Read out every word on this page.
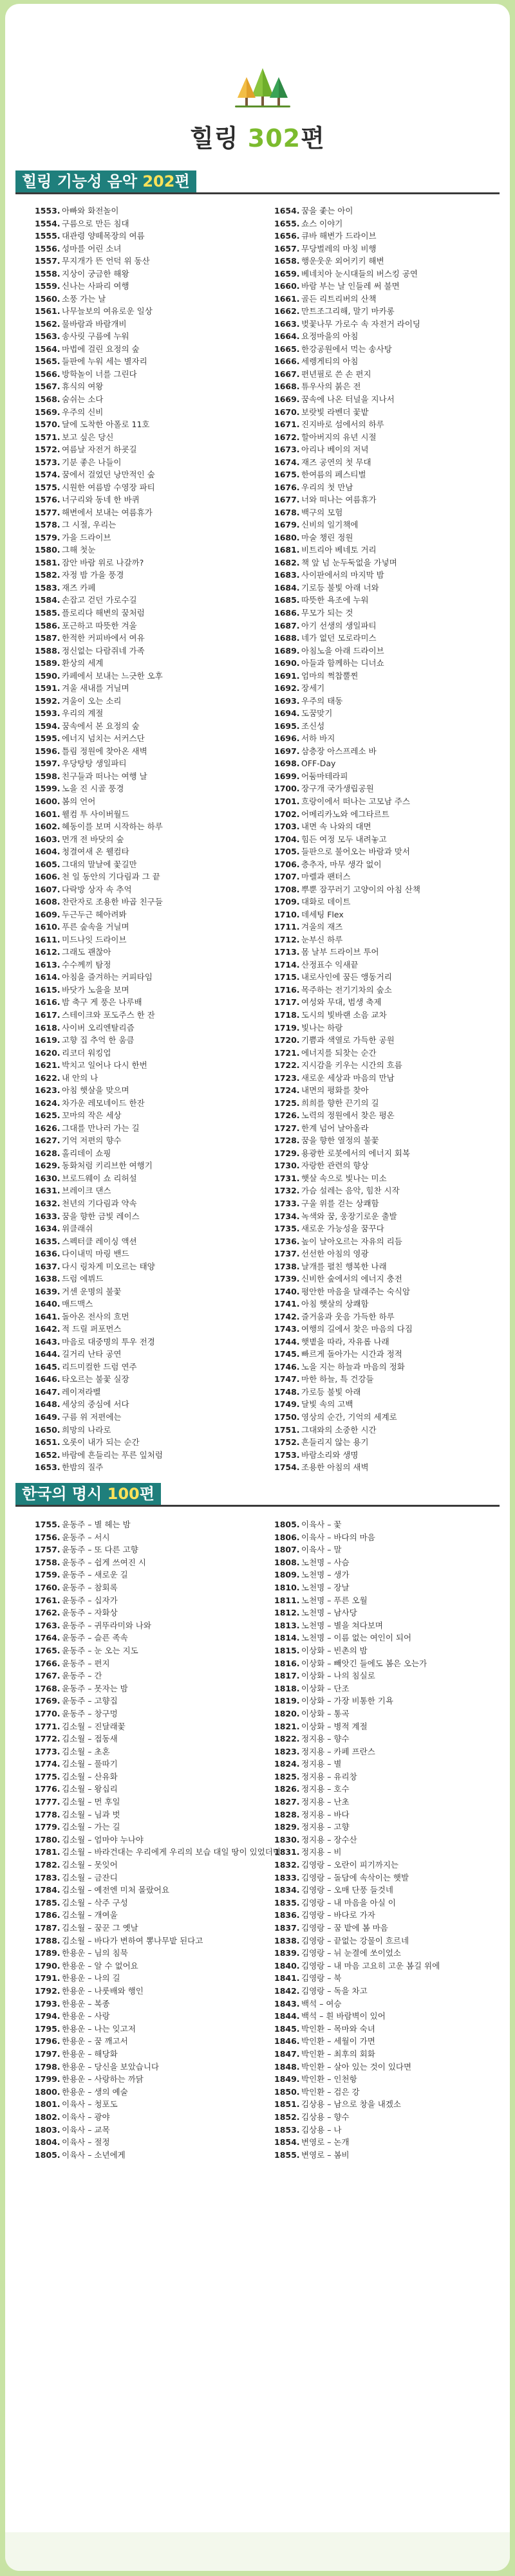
힐링 302편
힐링 기능성 음악 202편
1553. 아빠와 화전놀이
1554. 구름으로 만든 침대
1555. 대관령 양떼목장의 여름
1556. 성마를 어린 소녀
1557. 무지개가 뜬 언덕 위 동산
1558. 지상이 궁금한 해왕
1559. 신나는 사파리 여행
1560. 소풍 가는 날
1561. 나무늘보의 여유로운 일상
1562. 물바람과 바람개비
1563. 송사릿 구름에 누워
1564. 마법에 걸린 요정의 숲
1565. 들판에 누워 세는 별자리
1566. 방학놀이 너를 그린다
1567. 휴식의 여왕
1568. 숨쉬는 소다
1569. 우주의 신비
1570. 달에 도착한 아폴로 11호
1571. 보고 싶은 당신
1572. 여름날 자전거 하굣길
1573. 기분 좋은 나들이
1574. 꿈에서 걸었던 낭만적인 숲
1575. 시원한 여름밤 수영장 파티
1576. 너구리와 동네 한 바퀴
1577. 해변에서 보내는 여름휴가
1578. 그 시절, 우리는
1579. 가을 드라이브
1580. 그해 첫눈
1581. 잠안 바람 위로 나갈까?
1582. 자정 밤 가을 풍경
1583. 재즈 카페
1584. 손잡고 걷던 가로수길
1585. 플로리다 해변의 꿈처럼
1586. 포근하고 따뜻한 겨울
1587. 한적한 커피바에서 여유
1588. 정신없는 다람쥐네 가족
1589. 환상의 세계
1590. 카페에서 보내는 느긋한 오후
1591. 겨울 새내를 거닐며
1592. 겨울이 오는 소리
1593. 우리의 계절
1594. 꿈속에서 본 요정의 숲
1595. 에너지 넘치는 서커스단
1596. 틀림 정원에 찾아온 새벽
1597. 우당탕탕 생일파티
1598. 친구들과 떠나는 여행 날
1599. 노을 진 시골 풍경
1600. 봄의 언어
1601. 웰컴 투 사이버월드
1602. 혜동이를 보며 시작하는 하루
1603. 먼개 전 바닷의 숲
1604. 청결여새 온 웰컴타
1605. 그대의 말날에 꽃길만
1606. 천 일 동안의 기다림과 그 끝
1607. 다락방 상자 속 추억
1608. 찬란자로 조용한 바곱 친구들
1609. 두근두근 헤아려봐
1610. 푸른 숲속을 거닐며
1611. 미드나잇 드라이브
1612. 그래도 괜찮아
1613. 수수께끼 탐정
1614. 아침을 즐겨하는 커피타임
1615. 바닷가 노을을 보며
1616. 밤 축구 게 풍은 나루배
1617. 스테이크와 포도주스 한 잔
1618. 사이버 오리엔탈리즘
1619. 고향 집 추억 한 움큼
1620. 리코더 워킹업
1621. 박치고 일어나 다시 한번
1622. 내 안의 나
1623. 아침 햇살을 맞으며
1624. 차가운 레모네이드 한잔
1625. 꼬마의 작은 세상
1626. 그대를 만나러 가는 길
1627. 기억 저편의 향수
1628. 홀리데이 쇼핑
1629. 동화처럼 키리브한 여행기
1630. 브로드웨이 쇼 리허설
1631. 브레이크 댄스
1632. 천년의 기다림과 약속
1633. 꿈을 향한 금빛 레이스
1634. 위클래쉬
1635. 스펙터클 레이싱 액션
1636. 다이내믹 마링 밴드
1637. 다시 링차게 미오르는 태양
1638. 드럼 에뷔드
1639. 거센 운명의 불꽃
1640. 매드맥스
1641. 돌아온 전사의 흐먼
1642. 적 드릴 퍼포먼스
1643. 마음로 대중명의 투우 전경
1644. 길거리 난타 공연
1645. 리드미컬한 드럼 연주
1646. 타오르는 불꽃 실장
1647. 레이져라벨
1648. 세상의 중심에 서다
1649. 구름 위 저편에는
1650. 희망의 나라로
1651. 오롯이 내가 되는 순간
1652. 바람에 흔들리는 푸른 잎처럼
1653. 한밤의 질주
1654. 꿈을 좇는 아이
1655. 쇼스 이야기
1656. 큐바 해변가 드라이브
1657. 무당벌레의 마칭 비행
1658. 행운웃운 외어키키 해변
1659. 베네치아 눈시대들의 버스킹 공연
1660. 바람 부는 날 인들레 써 불면
1661. 골든 리트리버의 산책
1662. 만트조그리해, 말기 마카롱
1663. 벚꽃나무 가로수 속 자전거 라이딩
1664. 요정마을의 아침
1665. 한강공원에서 먹는 송사탕
1666. 세렝게티의 아침
1667. 편년필로 쓴 손 편지
1668. 튜우사의 붉은 전
1669. 꿈속에 나온 터널을 지나서
1670. 보랏빛 라벤더 꽃밭
1671. 진지바로 섬에서의 하루
1672. 할아버지의 유년 시절
1673. 아리나 베이의 저녁
1674. 재즈 공연의 첫 무대
1675. 한여름의 페스티벌
1676. 우리의 첫 만남
1677. 너와 떠나는 여름휴가
1678. 백구의 모험
1679. 신비의 일기책에
1680. 마술 챙린 정원
1681. 비트리아 베네토 거리
1682. 책 앞 넘 눈두둑없을 가넣며
1683. 사이판에서의 마지막 밤
1684. 기로등 불빛 아래 너와
1685. 따뜻한 욕조에 누워
1686. 무모가 되는 것
1687. 아기 선생의 생일파티
1688. 네가 없던 모로라미스
1689. 아침노을 아래 드라이브
1690. 아들과 함께하는 디너쇼
1691. 엄마의 쩍찹뿔찐
1692. 장세기
1693. 우주의 태동
1694. 도꿈맞기
1695. 조신성
1696. 서하 바지
1697. 삼층장 아스프레소 바
1698. OFF-Day
1699. 어둠마테라피
1700. 장구개 국가생립공원
1701. 흐랑이에서 떠나는 고모남 주스
1702. 어메리카노와 에그타르트
1703. 내면 속 나와의 대면
1704. 힘든 여정 모두 내려놓고
1705. 들판으로 불어오는 바람과 맞서
1706. 층추자, 마무 생각 없이
1707. 마렐과 팬터스
1708. 뿌뿐 잠꾸러기 고양이의 아침 산책
1709. 대화로 데이트
1710. 데세팅 Flex
1711. 겨울의 재즈
1712. 눈부신 하루
1713. 몸 날부 드라이브 투어
1714. 산정표수 익새끝
1715. 내로사인에 꿈든 앵동거리
1716. 목주하는 전기기차의 숲소
1717. 여성와 무대, 범생 축제
1718. 도시의 빛바랜 소음 교차
1719. 빛나는 하랑
1720. 기쁨과 색열로 가득한 공원
1721. 에너지를 되찾는 순간
1722. 지시감을 키우는 시간의 흐름
1723. 새로운 세상과 마음의 만남
1724. 내면의 평화를 찾아
1725. 희희를 향한 끈기의 길
1726. 노력의 정원에서 찾은 평온
1727. 한계 넘어 날아올라
1728. 꿈을 향한 열정의 불꽃
1729. 용광한 로봇에서의 에너지 회복
1730. 자랑한 관련의 향상
1731. 햇살 속으로 빛나는 미소
1732. 가슴 설레는 음악, 힘찬 시작
1733. 구울 위를 걷는 상쾌함
1734. 녹색와 꿈, 웅장기로운 출발
1735. 새로운 가능성을 꿈꾸다
1736. 높이 날아오르는 자유의 리듬
1737. 선선한 아침의 영광
1738. 날개를 펼친 행복한 나래
1739. 신비한 숲에서의 에너지 충전
1740. 평안한 마음을 달래주는 숙식암
1741. 아침 햇살의 상쾌함
1742. 즐거움과 웃음 가득한 하루
1743. 여행의 길에서 찾은 마음의 다짐
1744. 햇볕을 따라, 자유롭 나래
1745. 빠르게 돌아가는 시간과 정적
1746. 노을 지는 하늘과 마음의 정화
1747. 마한 하늘, 특 건강들
1748. 가로등 불빛 아래
1749. 달빛 속의 고백
1750. 영상의 순간, 기억의 세계로
1751. 그대와의 소중한 시간
1752. 흔들리지 않는 용기
1753. 바람소리와 생명
1754. 조용한 아침의 새벽
한국의 명시 100편
1755. 윤동주 – 별 헤는 밤
1756. 윤동주 – 서시
1757. 윤동주 – 또 다른 고향
1758. 윤동주 – 쉽게 쓰여진 시
1759. 윤동주 – 새로운 길
1760. 윤동주 – 참회록
1761. 윤동주 – 십자가
1762. 윤동주 – 자화상
1763. 윤동주 – 귀뚜라미와 나와
1764. 윤동주 – 슬픈 족속
1765. 윤동주 – 눈 오는 지도
1766. 윤동주 – 편지
1767. 윤동주 – 간
1768. 윤동주 – 못자는 밤
1769. 윤동주 – 고향집
1770. 윤동주 – 창구멍
1771. 김소월 – 진달래꽃
1772. 김소월 – 접동새
1773. 김소월 – 초혼
1774. 김소월 – 풀따기
1775. 김소월 – 산유화
1776. 김소월 – 왕십리
1777. 김소월 – 먼 후일
1778. 김소월 – 님과 벗
1779. 김소월 – 가는 길
1780. 김소월 – 엄마야 누나야
1781. 김소월 – 바라건대는 우리에게 우리의 보습 대일 땅이 있었더면
1782. 김소월 – 못잊어
1783. 김소월 – 금잔디
1784. 김소월 – 예전엔 미처 몰랐어요
1785. 김소월 – 삭주 구성
1786. 김소월 – 개여울
1787. 김소월 – 꿈꾼 그 옛날
1788. 김소월 – 바다가 변하여 뽕나무밭 된다고
1789. 한용운 – 님의 침묵
1790. 한용운 – 알 수 없어요
1791. 한용운 – 나의 길
1792. 한용운 – 나룻배와 행인
1793. 한용운 – 복종
1794. 한용운 – 사랑
1795. 한용운 – 나는 잊고저
1796. 한용운 – 꿈 깨고서
1797. 한용운 – 해당화
1798. 한용운 – 당신을 보았습니다
1799. 한용운 – 사랑하는 까닭
1800. 한용운 – 생의 예술
1801. 이육사 – 청포도
1802. 이육사 – 광야
1803. 이육사 – 교목
1804. 이육사 – 절정
1805. 이육사 – 소년에게
1805. 이육사 – 꽃
1806. 이육사 – 바다의 마음
1807. 이육사 – 말
1808. 노천명 – 사슴
1809. 노천명 – 생가
1810. 노천명 – 장날
1811. 노천명 – 푸른 오월
1812. 노천명 – 남사당
1813. 노천명 – 별을 쳐다보며
1814. 노천명 – 이름 없는 여인이 되어
1815. 이상화 – 빈촌의 밤
1816. 이상화 – 빼앗긴 들에도 봄은 오는가
1817. 이상화 – 나의 침실로
1818. 이상화 – 단조
1819. 이상화 – 가장 비통한 기욕
1820. 이상화 – 통곡
1821. 이상화 – 병적 계절
1822. 정지용 – 향수
1823. 정지용 – 카페 프란스
1824. 정지용 – 별
1825. 정지용 – 유리창
1826. 정지용 – 호수
1827. 정지용 – 난초
1828. 정지용 – 바다
1829. 정지용 – 고향
1830. 정지용 – 장수산
1831. 정지용 – 비
1832. 김영랑 – 오란이 피기까지는
1833. 김영랑 – 돌담에 속삭이는 햇발
1834. 김영랑 – 오매 단풍 들것네
1835. 김영랑 – 내 마음을 아실 이
1836. 김영랑 – 바다로 가자
1837. 김영랑 – 꿈 밭에 봄 마음
1838. 김영랑 – 끝없는 강물이 흐르네
1839. 김영랑 – 뉘 눈결에 쏘이었소
1840. 김영랑 – 내 마음 고요히 고운 봄길 위에
1841. 김영랑 – 북
1842. 김영랑 – 독을 차고
1843. 백석 – 여승
1844. 백석 – 흰 바람벽이 있어
1845. 박인환 – 목마와 숙녀
1846. 박인환 – 세월이 가면
1847. 박인환 – 최후의 회화
1848. 박인환 – 살아 있는 것이 있다면
1849. 박인환 – 인천항
1850. 박인환 – 검은 강
1851. 김상용 – 남으로 창을 내겠소
1852. 김상용 – 향수
1853. 김상용 – 나
1854. 변영로 – 논개
1855. 변영로 – 봄비
